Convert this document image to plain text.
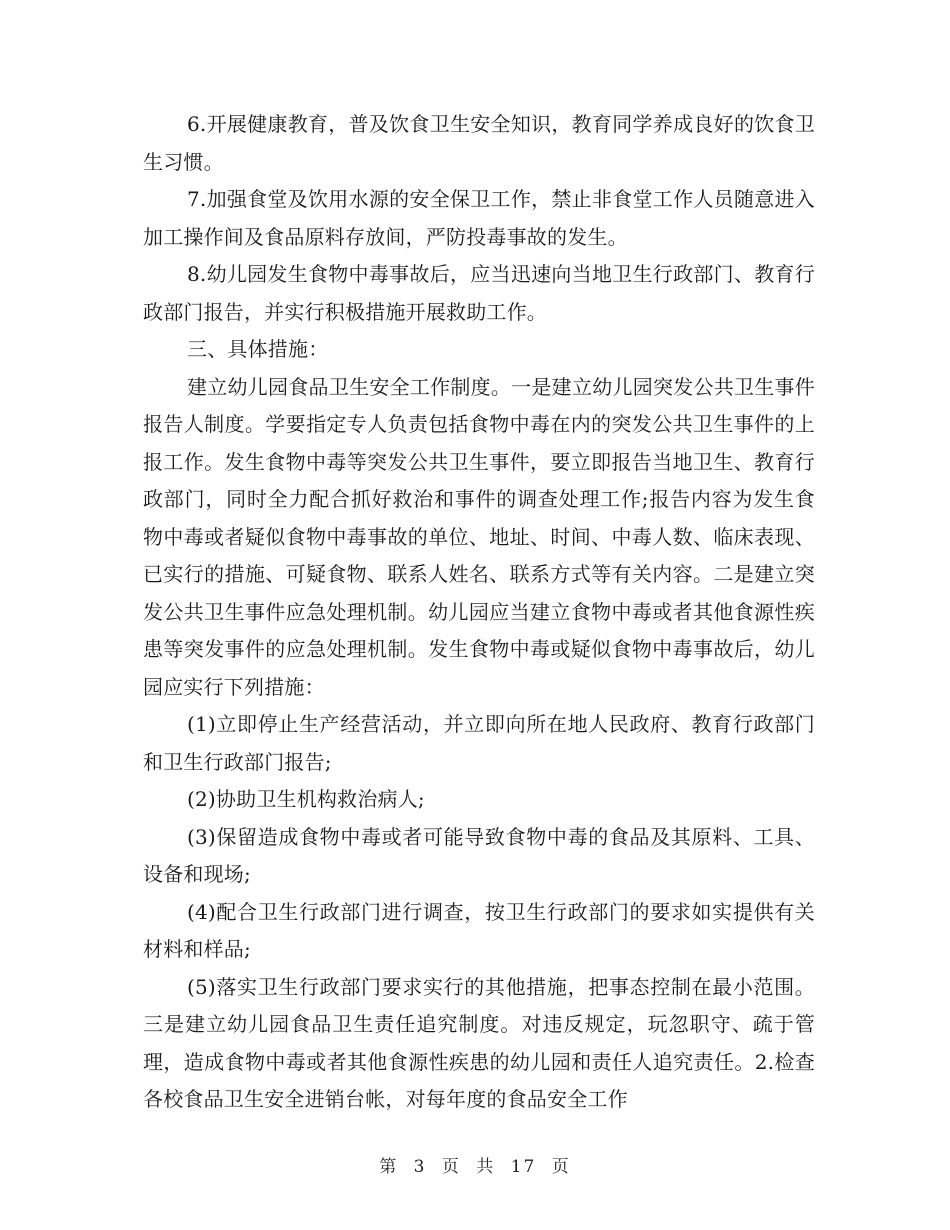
6.开展健康教育，普及饮食卫生安全知识，教育同学养成良好的饮食卫生习惯。

7.加强食堂及饮用水源的安全保卫工作，禁止非食堂工作人员随意进入加工操作间及食品原料存放间，严防投毒事故的发生。

8.幼儿园发生食物中毒事故后，应当迅速向当地卫生行政部门、教育行政部门报告，并实行积极措施开展救助工作。

三、具体措施：

建立幼儿园食品卫生安全工作制度。一是建立幼儿园突发公共卫生事件报告人制度。学要指定专人负责包括食物中毒在内的突发公共卫生事件的上报工作。发生食物中毒等突发公共卫生事件，要立即报告当地卫生、教育行政部门，同时全力配合抓好救治和事件的调查处理工作;报告内容为发生食物中毒或者疑似食物中毒事故的单位、地址、时间、中毒人数、临床表现、已实行的措施、可疑食物、联系人姓名、联系方式等有关内容。二是建立突发公共卫生事件应急处理机制。幼儿园应当建立食物中毒或者其他食源性疾患等突发事件的应急处理机制。发生食物中毒或疑似食物中毒事故后，幼儿园应实行下列措施：

(1)立即停止生产经营活动，并立即向所在地人民政府、教育行政部门和卫生行政部门报告;

(2)协助卫生机构救治病人;

(3)保留造成食物中毒或者可能导致食物中毒的食品及其原料、工具、设备和现场;

(4)配合卫生行政部门进行调查，按卫生行政部门的要求如实提供有关材料和样品;

(5)落实卫生行政部门要求实行的其他措施，把事态控制在最小范围。三是建立幼儿园食品卫生责任追究制度。对违反规定，玩忽职守、疏于管理，造成食物中毒或者其他食源性疾患的幼儿园和责任人追究责任。2.检查各校食品卫生安全进销台帐，对每年度的食品安全工作

第 3 页 共 17 页
